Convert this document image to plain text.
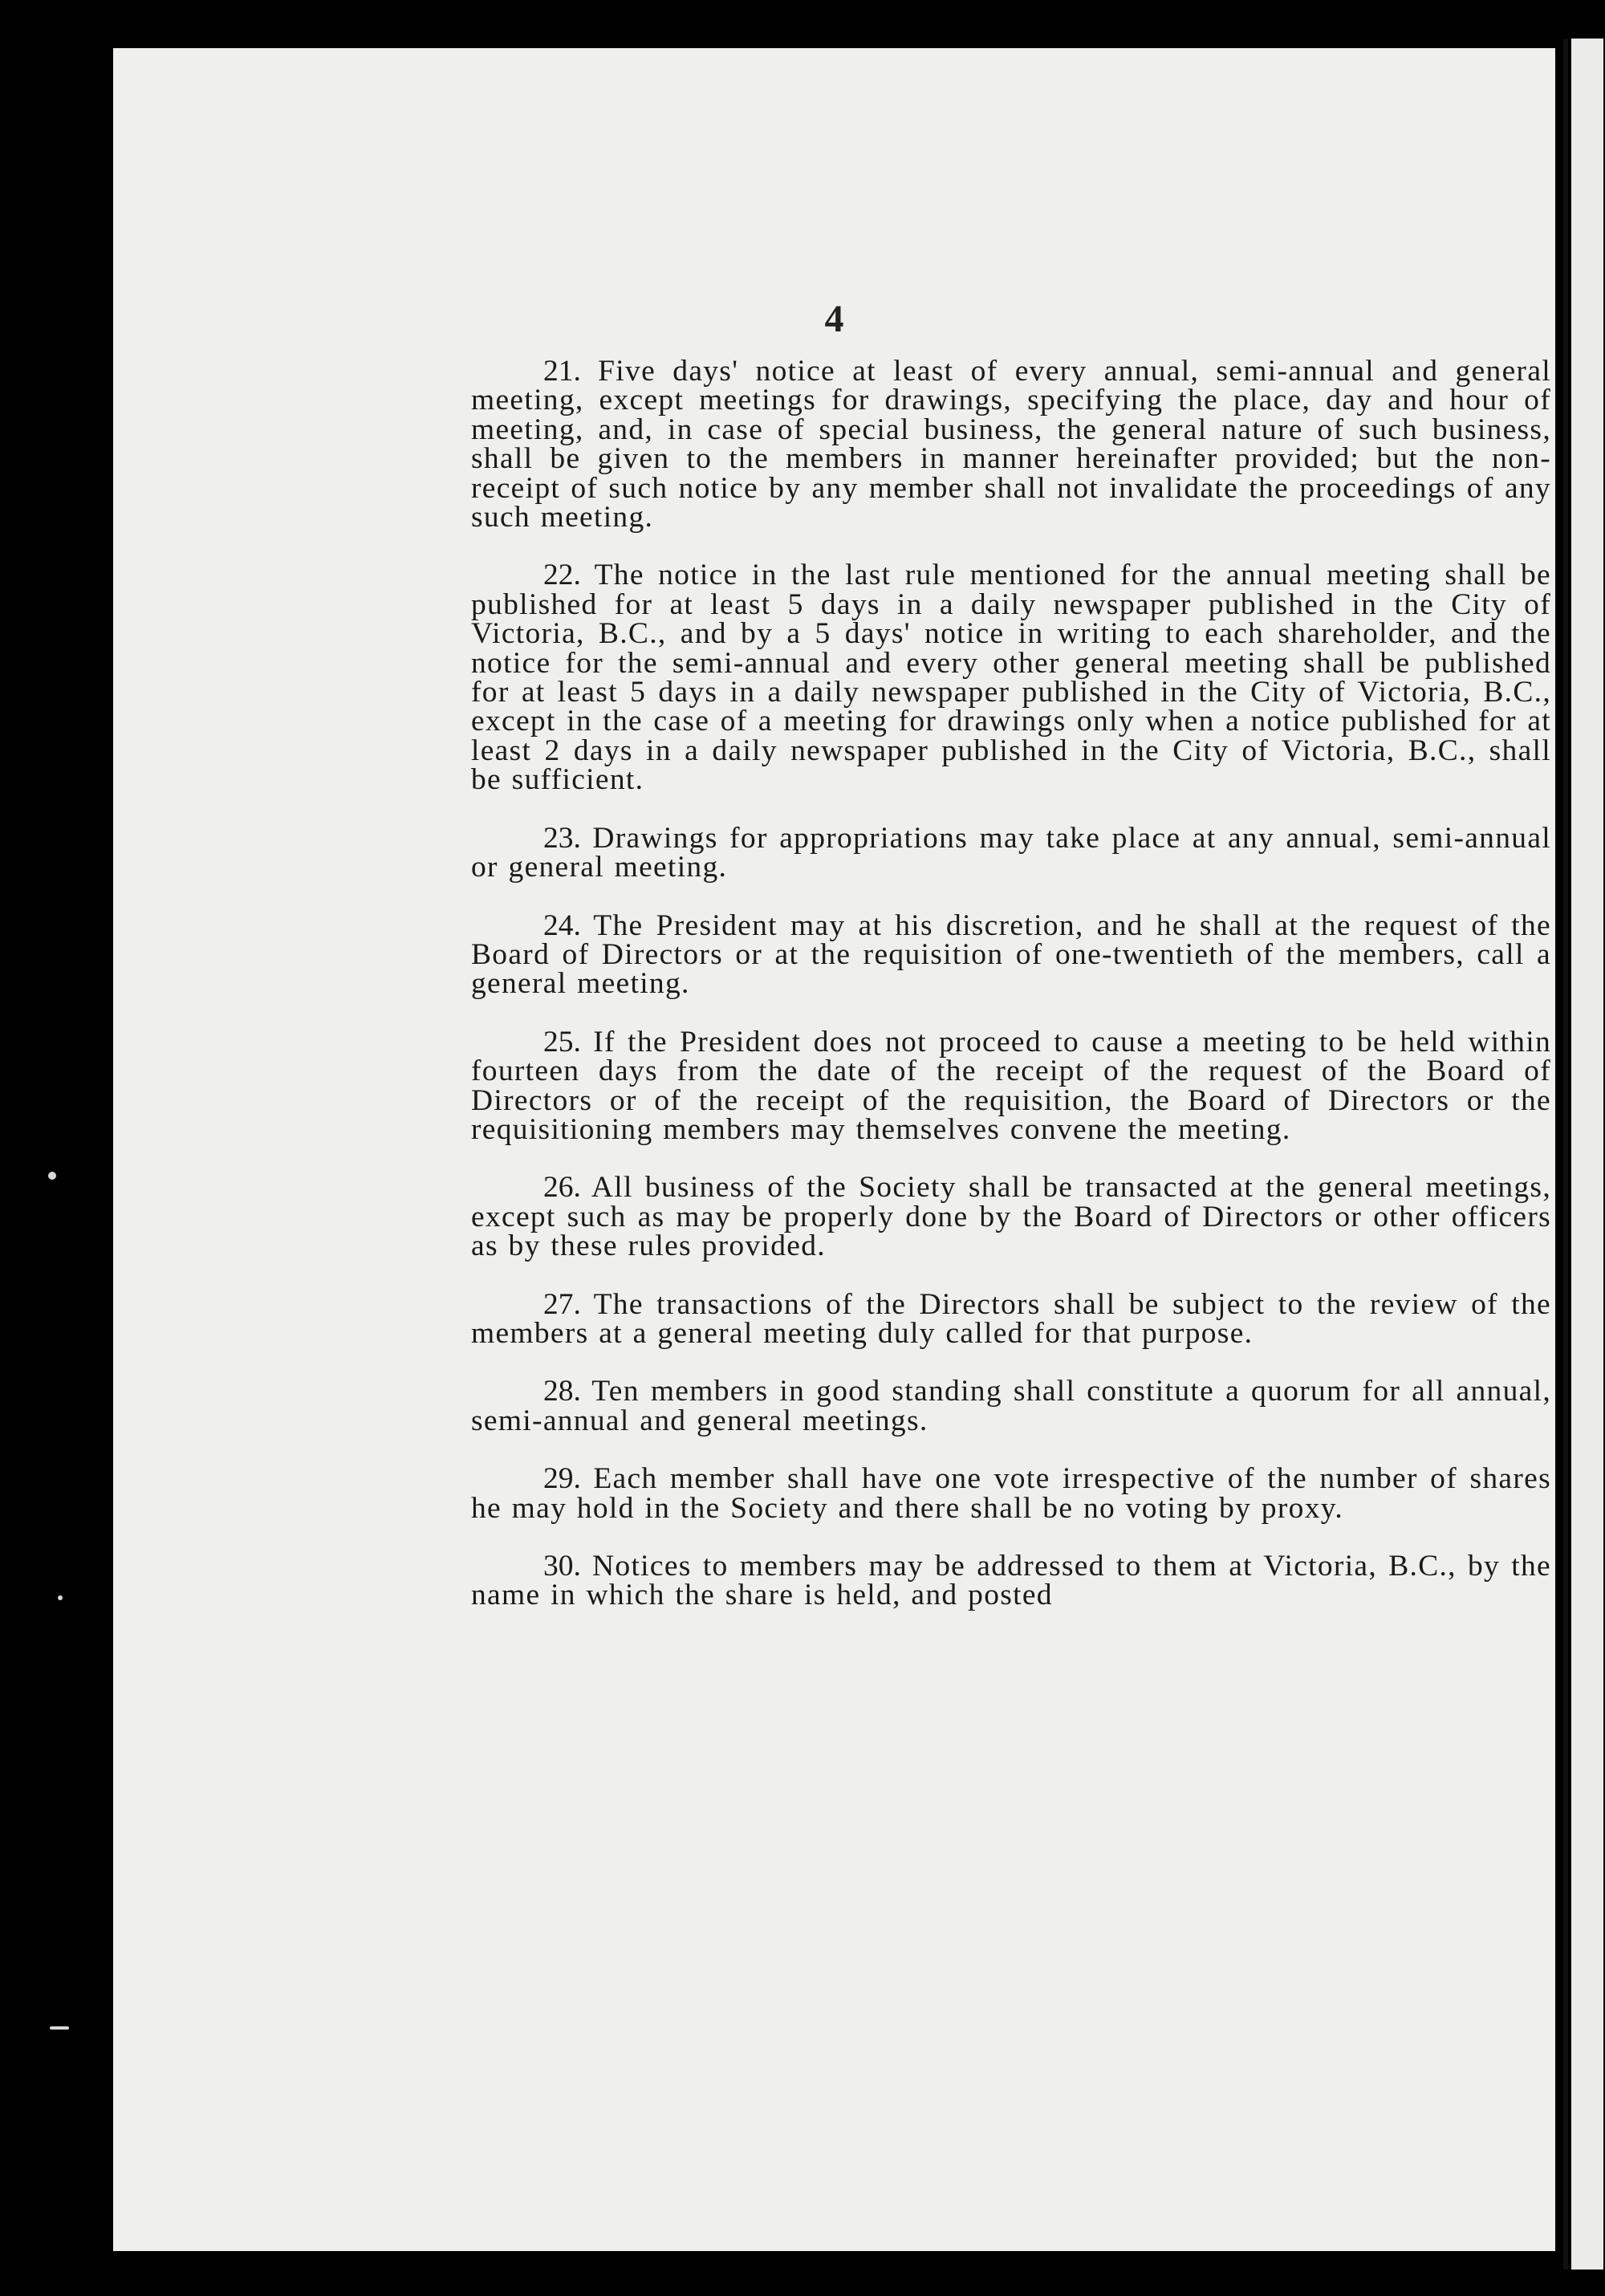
4

21. Five days' notice at least of every annual, semi-annual and general meeting, except meetings for drawings, specifying the place, day and hour of meeting, and, in case of special business, the general nature of such business, shall be given to the members in manner hereinafter provided; but the non-receipt of such notice by any member shall not invalidate the proceedings of any such meeting.

22. The notice in the last rule mentioned for the annual meeting shall be published for at least 5 days in a daily newspaper published in the City of Victoria, B.C., and by a 5 days' notice in writing to each shareholder, and the notice for the semi-annual and every other general meeting shall be published for at least 5 days in a daily newspaper published in the City of Victoria, B.C., except in the case of a meeting for drawings only when a notice published for at least 2 days in a daily newspaper published in the City of Victoria, B.C., shall be sufficient.

23. Drawings for appropriations may take place at any annual, semi-annual or general meeting.

24. The President may at his discretion, and he shall at the request of the Board of Directors or at the requisition of one-twentieth of the members, call a general meeting.

25. If the President does not proceed to cause a meeting to be held within fourteen days from the date of the receipt of the request of the Board of Directors or of the receipt of the requisition, the Board of Directors or the requisitioning members may themselves convene the meeting.

26. All business of the Society shall be transacted at the general meetings, except such as may be properly done by the Board of Directors or other officers as by these rules provided.

27. The transactions of the Directors shall be subject to the review of the members at a general meeting duly called for that purpose.

28. Ten members in good standing shall constitute a quorum for all annual, semi-annual and general meetings.

29. Each member shall have one vote irrespective of the number of shares he may hold in the Society and there shall be no voting by proxy.

30. Notices to members may be addressed to them at Victoria, B.C., by the name in which the share is held, and posted
